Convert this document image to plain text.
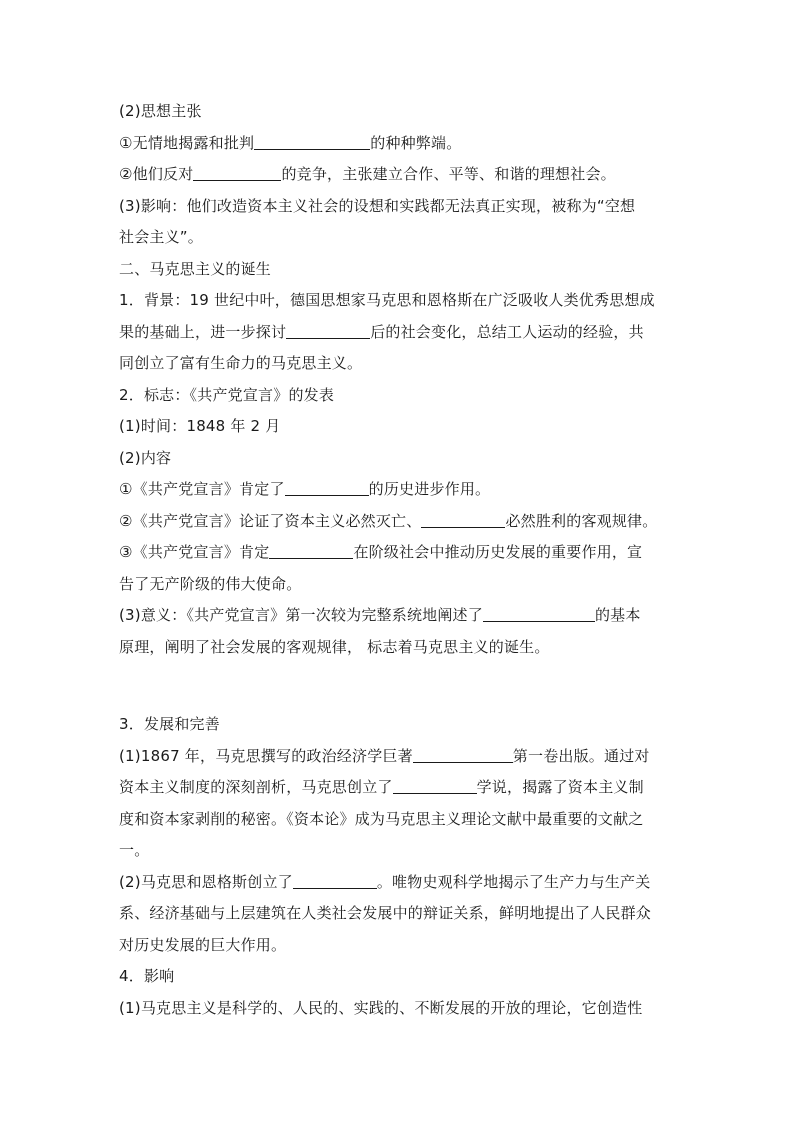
(2)思想主张
①无情地揭露和批判	的种种弊端。
②他们反对	的竞争，主张建立合作、平等、和谐的理想社会。
(3)影响：他们改造资本主义社会的设想和实践都无法真正实现，被称为“空想
社会主义”。
二、马克思主义的诞生
1．背景：19 世纪中叶，德国思想家马克思和恩格斯在广泛吸收人类优秀思想成
果的基础上，进一步探讨	后的社会变化，总结工人运动的经验，共
同创立了富有生命力的马克思主义。
2．标志：《共产党宣言》的发表
(1)时间：1848 年 2 月
(2)内容
①《共产党宣言》肯定了	的历史进步作用。
②《共产党宣言》论证了资本主义必然灭亡、	必然胜利的客观规律。
③《共产党宣言》肯定	在阶级社会中推动历史发展的重要作用，宣
告了无产阶级的伟大使命。
(3)意义：《共产党宣言》第一次较为完整系统地阐述了	的基本
原理，阐明了社会发展的客观规律， 标志着马克思主义的诞生。
3．发展和完善
(1)1867 年，马克思撰写的政治经济学巨著	第一卷出版。通过对
资本主义制度的深刻剖析，马克思创立了	学说，揭露了资本主义制
度和资本家剥削的秘密。《资本论》成为马克思主义理论文献中最重要的文献之
一。
(2)马克思和恩格斯创立了	。唯物史观科学地揭示了生产力与生产关
系、经济基础与上层建筑在人类社会发展中的辩证关系，鲜明地提出了人民群众
对历史发展的巨大作用。
4．影响
(1)马克思主义是科学的、人民的、实践的、不断发展的开放的理论，它创造性
